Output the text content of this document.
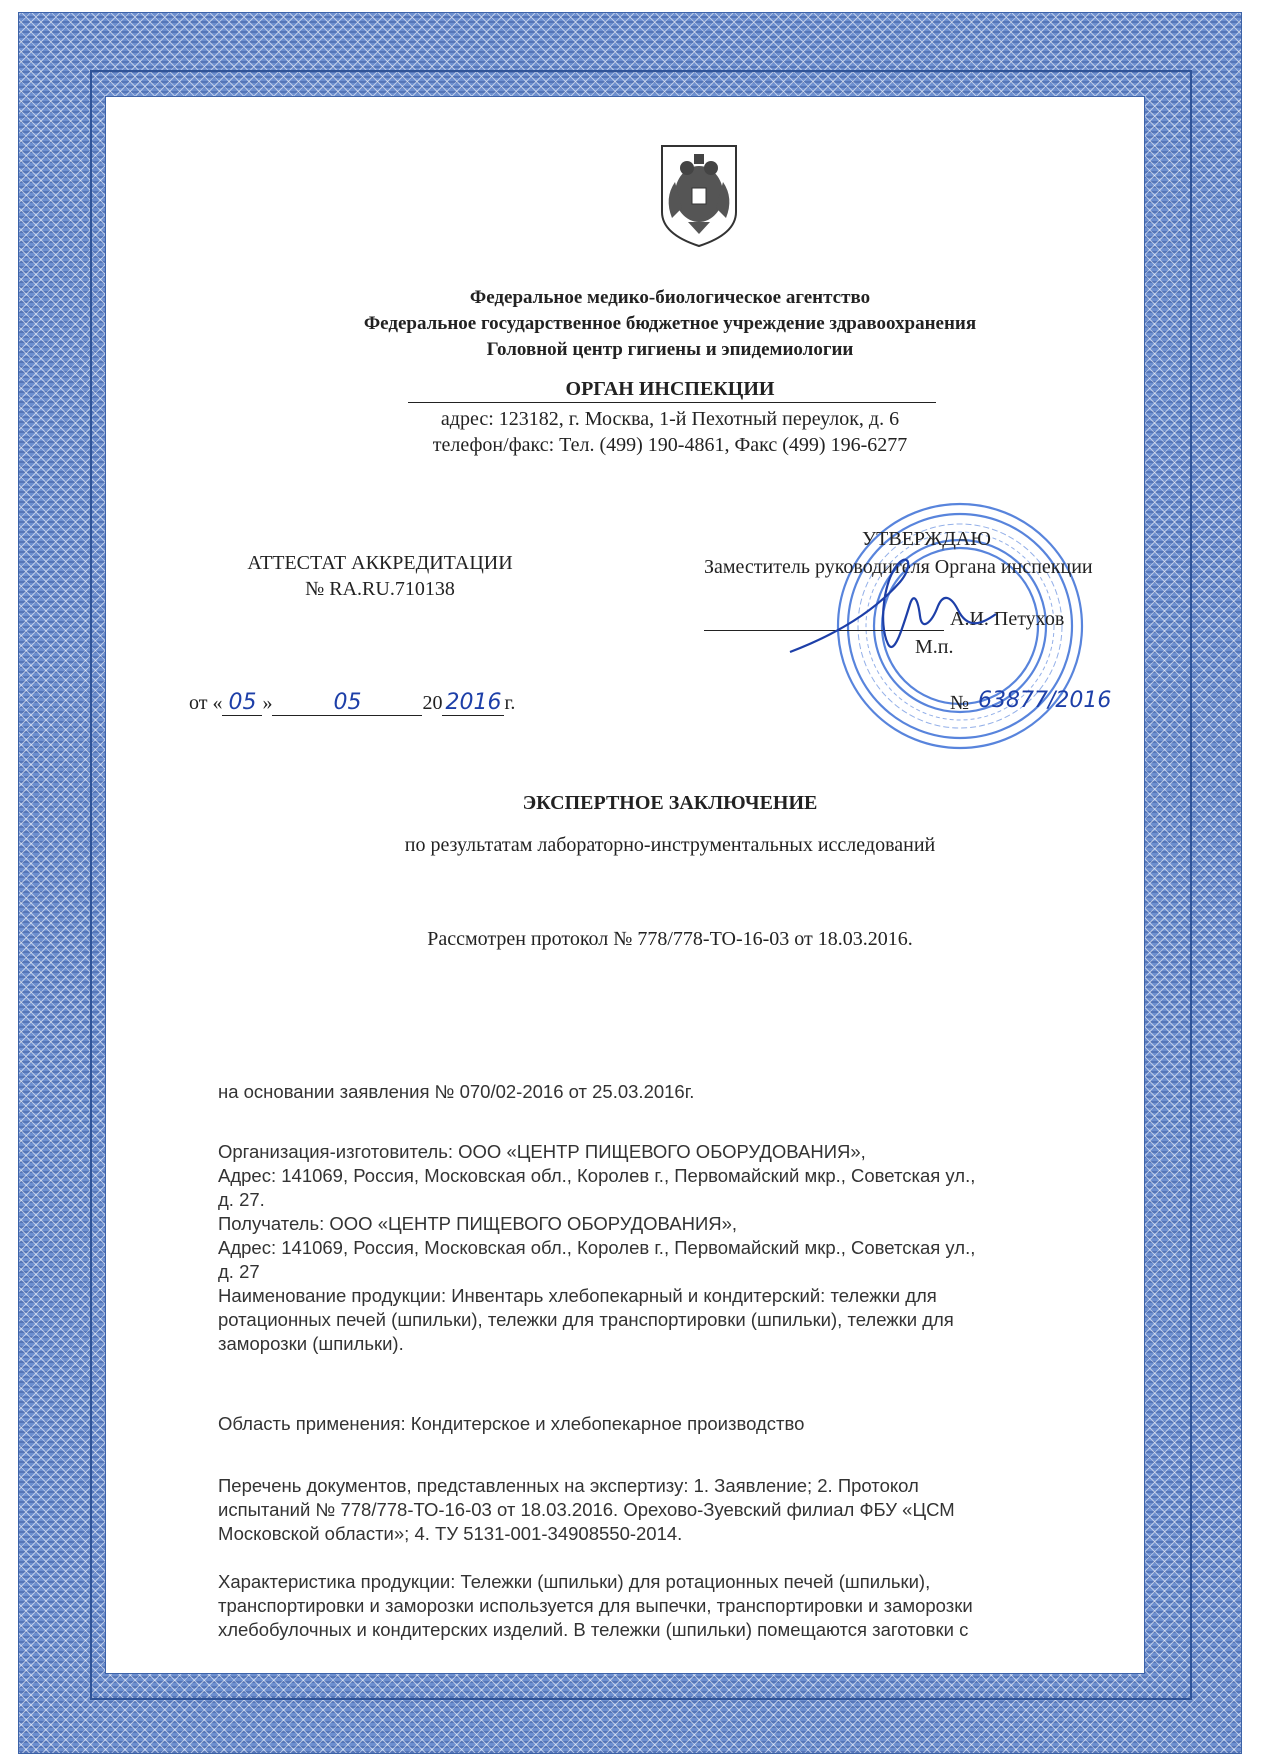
Федеральное медико-биологическое агентство
Федеральное государственное бюджетное учреждение здравоохранения
Головной центр гигиены и эпидемиологии
ОРГАН ИНСПЕКЦИИ
адрес: 123182, г. Москва, 1-й Пехотный переулок, д. 6
телефон/факс: Тел. (499) 190-4861, Факс (499) 196-6277
АТТЕСТАТ АККРЕДИТАЦИИ
№ RA.RU.710138
УТВЕРЖДАЮ
Заместитель руководителя Органа инспекции
А.И. Петухов
М.п.
№ 63877/2016
от « 05 »	05	20 2016 г.
ЭКСПЕРТНОЕ ЗАКЛЮЧЕНИЕ
по результатам лабораторно-инструментальных исследований
Рассмотрен протокол № 778/778-ТО-16-03 от 18.03.2016.

на основании заявления № 070/02-2016 от 25.03.2016г.

Организация-изготовитель: ООО «ЦЕНТР ПИЩЕВОГО ОБОРУДОВАНИЯ»,

Адрес: 141069, Россия, Московская обл., Королев г., Первомайский мкр., Советская ул.,

д. 27.

Получатель: ООО «ЦЕНТР ПИЩЕВОГО ОБОРУДОВАНИЯ»,

Адрес: 141069, Россия, Московская обл., Королев г., Первомайский мкр., Советская ул.,

д. 27

Наименование продукции: Инвентарь хлебопекарный и кондитерский: тележки для

ротационных печей (шпильки), тележки для транспортировки (шпильки), тележки для

заморозки (шпильки).

Область применения: Кондитерское и хлебопекарное производство

Перечень документов, представленных на экспертизу: 1. Заявление; 2. Протокол

испытаний № 778/778-ТО-16-03 от 18.03.2016. Орехово-Зуевский филиал ФБУ «ЦСМ

Московской области»; 4. ТУ 5131-001-34908550-2014.

Характеристика продукции: Тележки (шпильки) для ротационных печей (шпильки),

транспортировки и заморозки используется для выпечки, транспортировки и заморозки

хлебобулочных и кондитерских изделий. В тележки (шпильки) помещаются заготовки с
